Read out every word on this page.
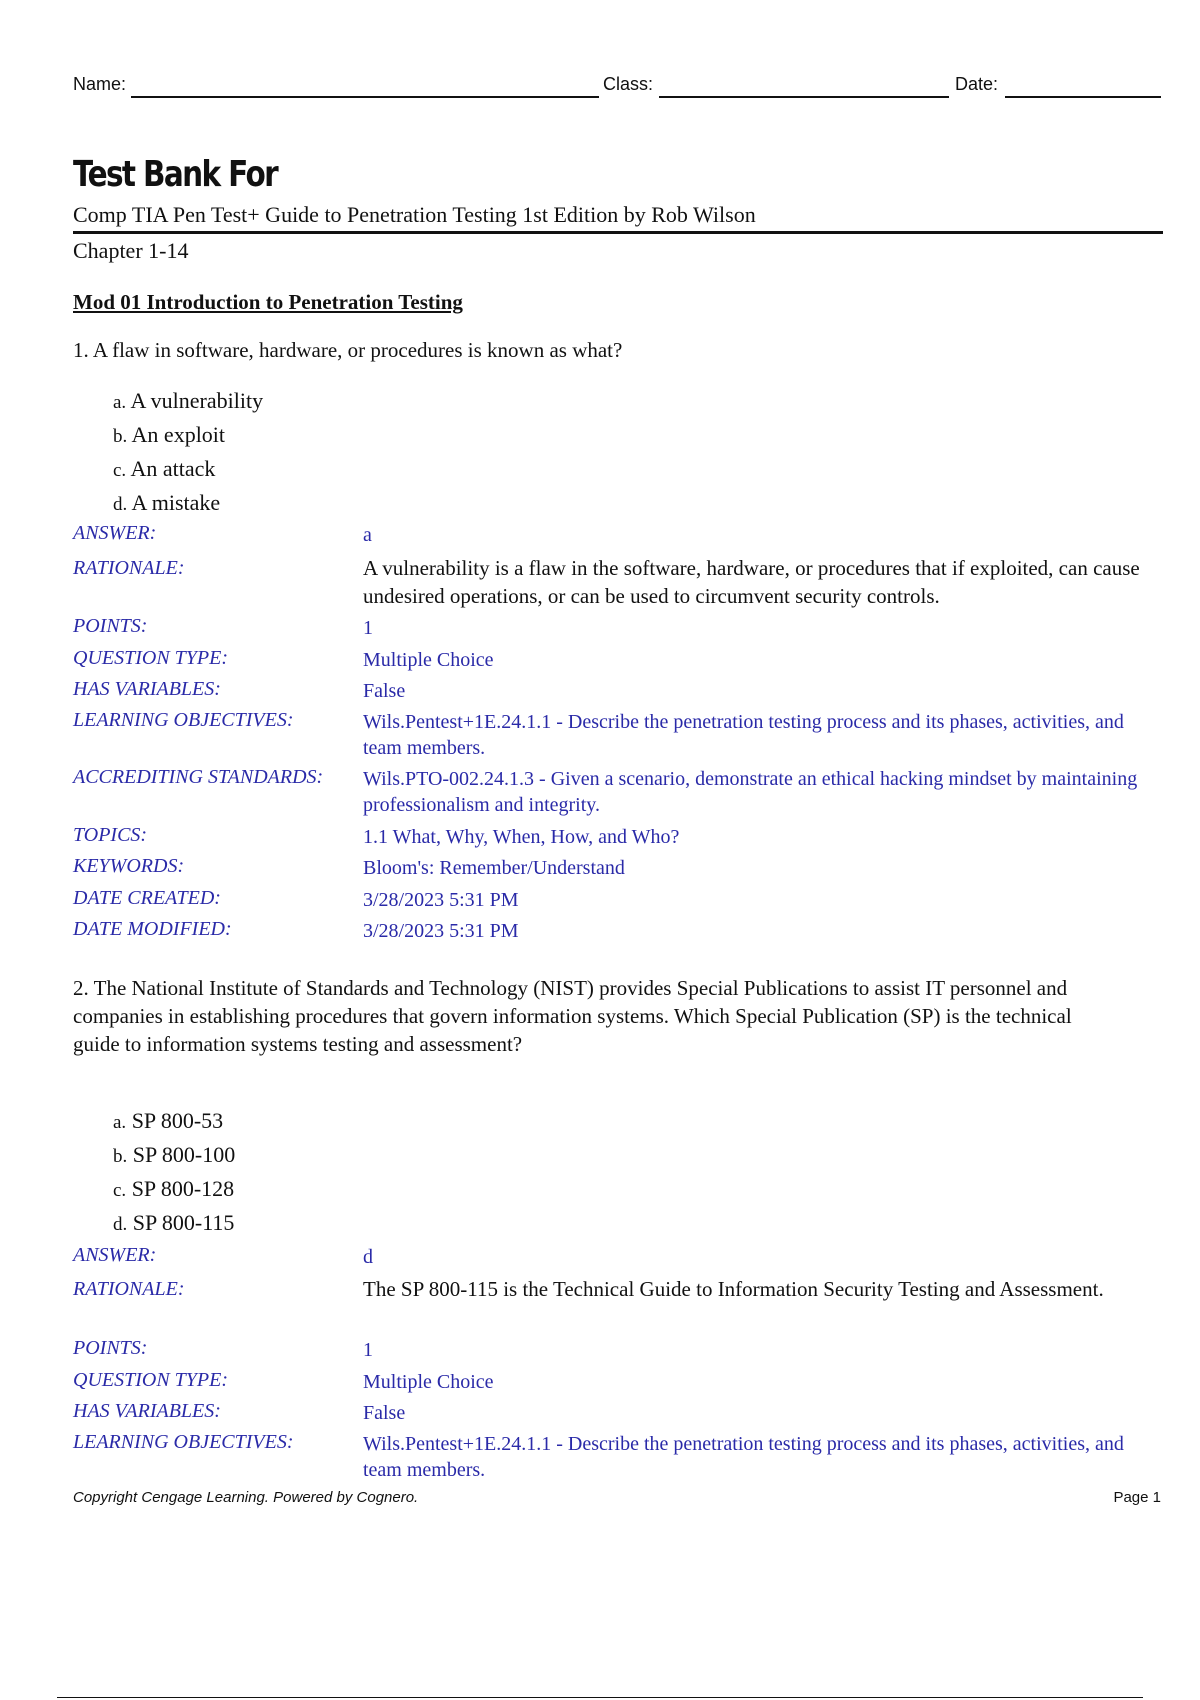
Name:	Class:	Date:
Test Bank For
Comp TIA Pen Test+ Guide to Penetration Testing 1st Edition by Rob Wilson
Chapter 1-14
Mod 01 Introduction to Penetration Testing
1. A flaw in software, hardware, or procedures is known as what?
a. A vulnerability
b. An exploit
c. An attack
d. A mistake
ANSWER:	a
RATIONALE:	A vulnerability is a flaw in the software, hardware, or procedures that if exploited, can cause undesired operations, or can be used to circumvent security controls.
POINTS:	1
QUESTION TYPE:	Multiple Choice
HAS VARIABLES:	False
LEARNING OBJECTIVES:	Wils.Pentest+1E.24.1.1 - Describe the penetration testing process and its phases, activities, and team members.
ACCREDITING STANDARDS:	Wils.PTO-002.24.1.3 - Given a scenario, demonstrate an ethical hacking mindset by maintaining professionalism and integrity.
TOPICS:	1.1 What, Why, When, How, and Who?
KEYWORDS:	Bloom's: Remember/Understand
DATE CREATED:	3/28/2023 5:31 PM
DATE MODIFIED:	3/28/2023 5:31 PM
2. The National Institute of Standards and Technology (NIST) provides Special Publications to assist IT personnel and companies in establishing procedures that govern information systems. Which Special Publication (SP) is the technical guide to information systems testing and assessment?
a. SP 800-53
b. SP 800-100
c. SP 800-128
d. SP 800-115
ANSWER:	d
RATIONALE:	The SP 800-115 is the Technical Guide to Information Security Testing and Assessment.
POINTS:	1
QUESTION TYPE:	Multiple Choice
HAS VARIABLES:	False
LEARNING OBJECTIVES:	Wils.Pentest+1E.24.1.1 - Describe the penetration testing process and its phases, activities, and team members.
Copyright Cengage Learning. Powered by Cognero.	Page 1
